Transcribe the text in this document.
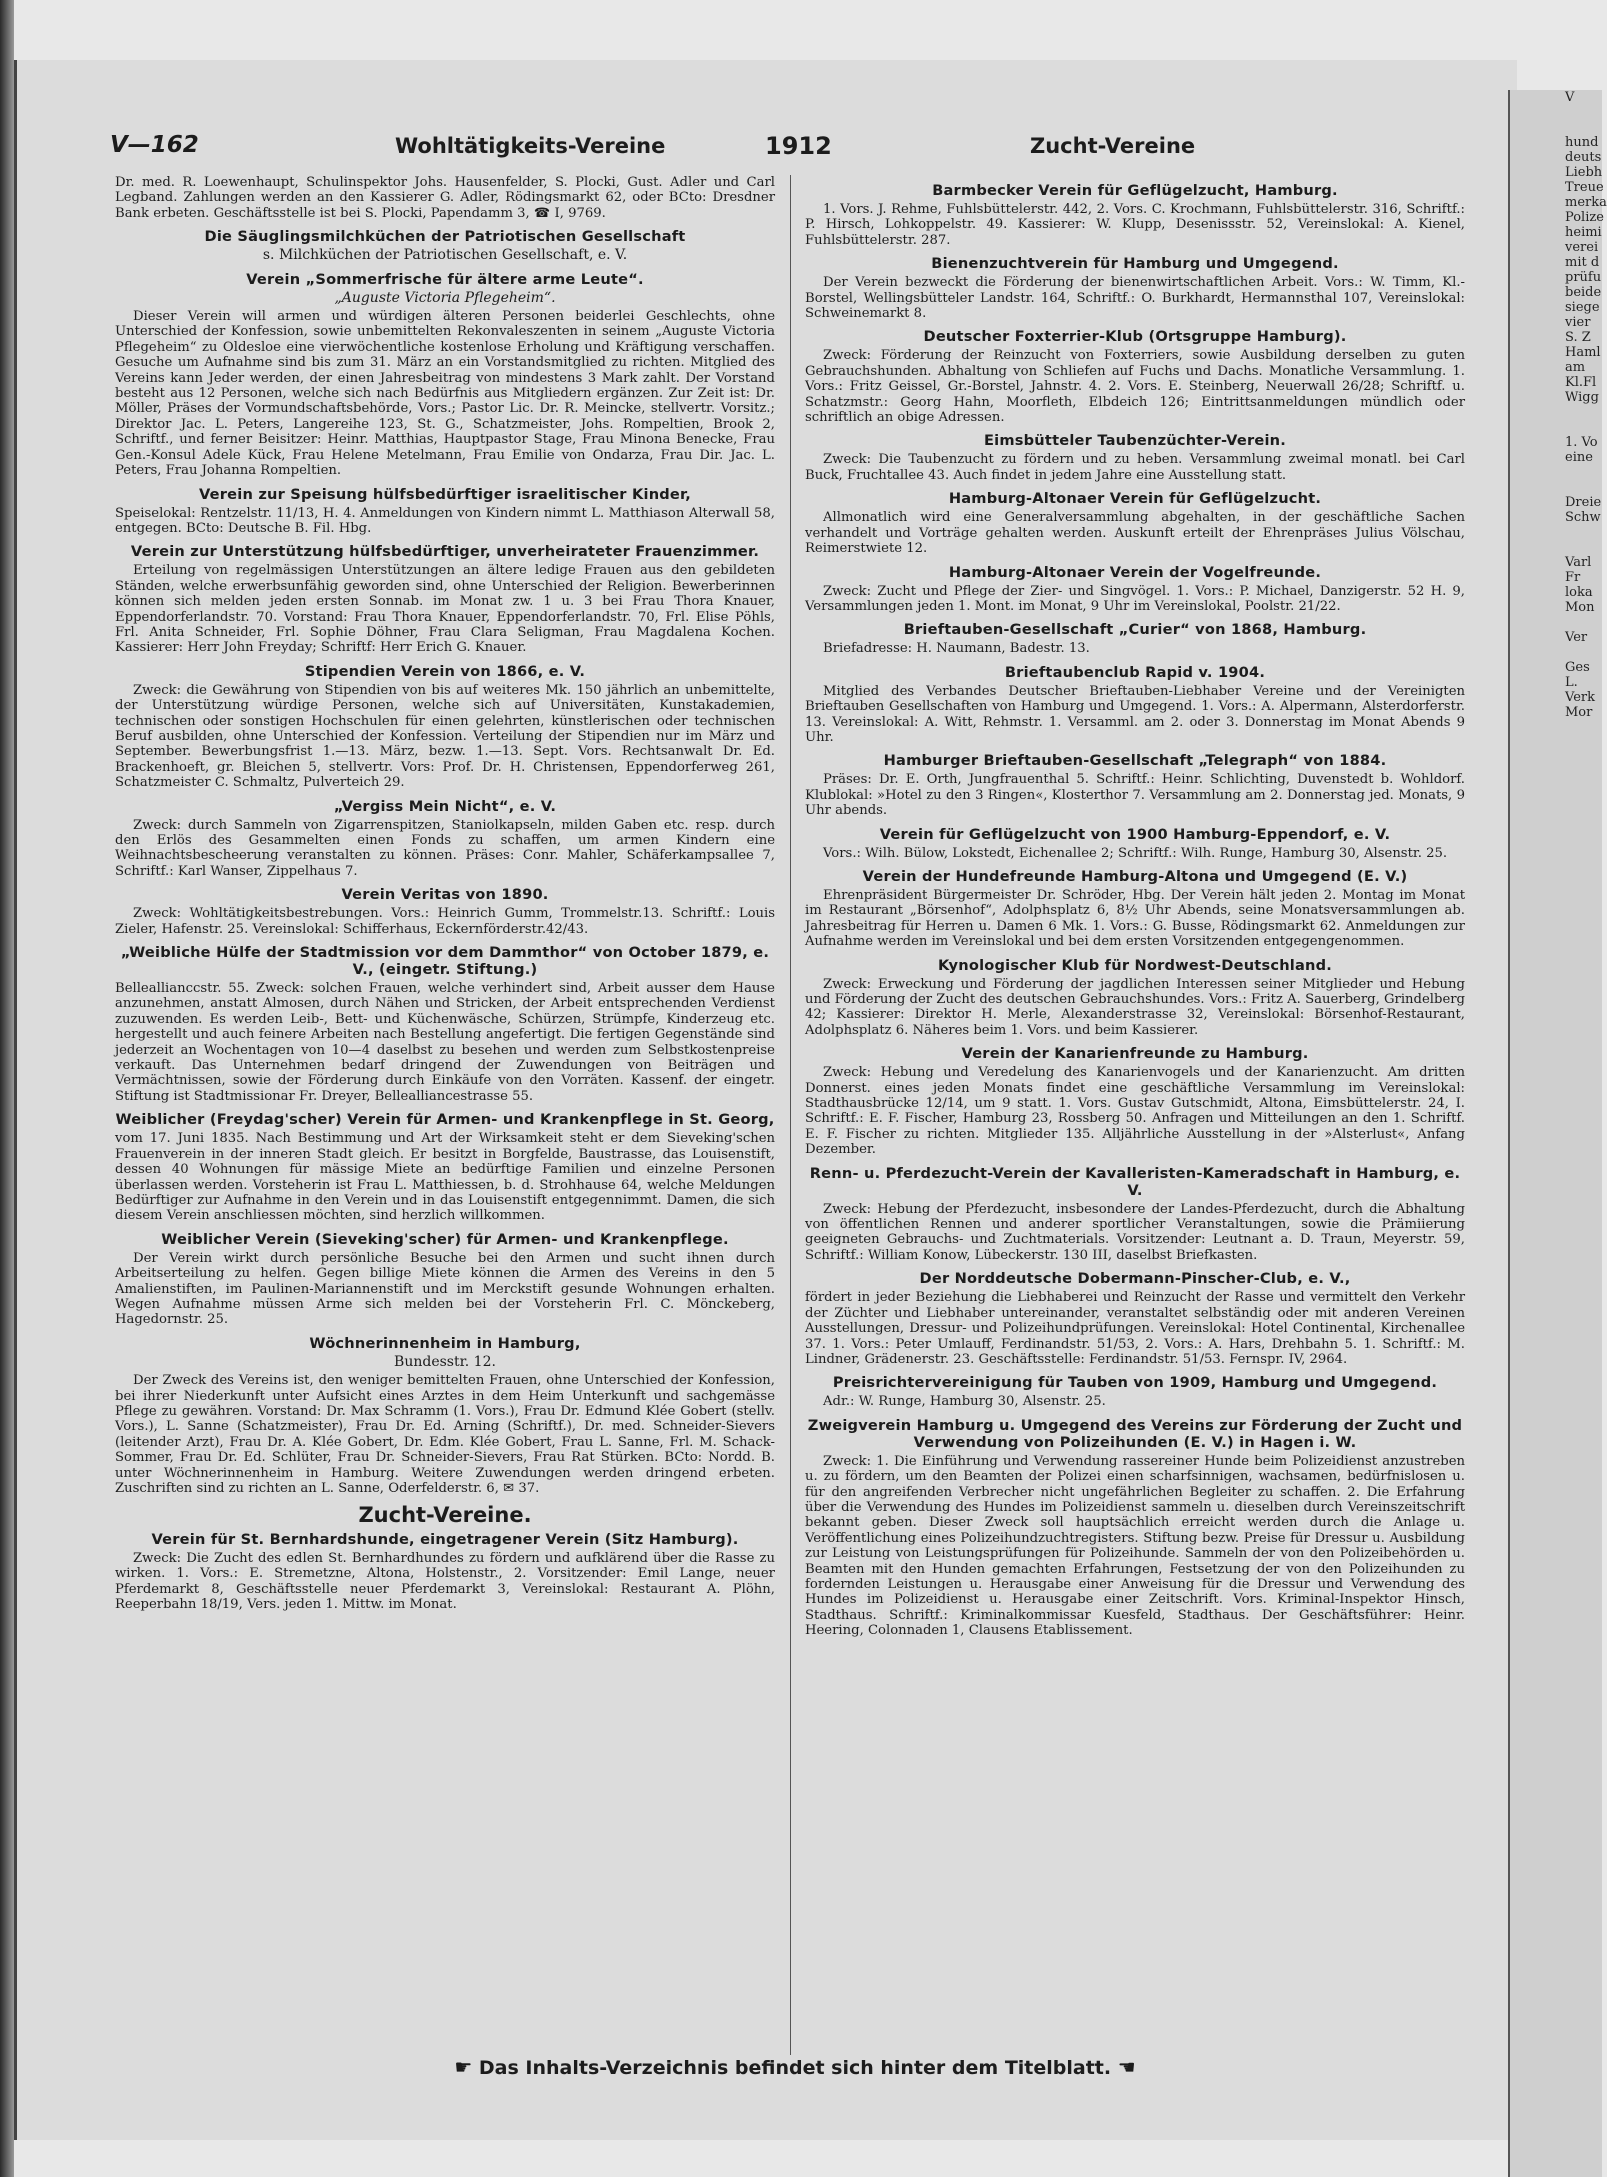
V

hund
deuts
Liebh
Treue
merka
Polize
heimi
verei
mit d
prüfu
beide
siege
vier
S. Z
Haml
am
Kl.Fl
Wigg

1. Vo
eine

Dreie
Schw

Varl
Fr
loka
Mon

Ver

Ges
L.
Verk
Mor
V—162	Wohltätigkeits-Vereine	1912	Zucht-Vereine

Dr. med. R. Loewenhaupt, Schulinspektor Johs. Hausenfelder, S. Plocki, Gust. Adler und Carl Legband. Zahlungen werden an den Kassierer G. Adler, Rödingsmarkt 62, oder BCto: Dresdner Bank erbeten. Geschäftsstelle ist bei S. Plocki, Papendamm 3, ☎ I, 9769.

Die Säuglingsmilchküchen der Patriotischen Gesellschaft

s. Milchküchen der Patriotischen Gesellschaft, e. V.

Verein „Sommerfrische für ältere arme Leute“.

„Auguste Victoria Pflegeheim“.

Dieser Verein will armen und würdigen älteren Personen beiderlei Geschlechts, ohne Unterschied der Konfession, sowie unbemittelten Rekonvaleszenten in seinem „Auguste Victoria Pflegeheim“ zu Oldesloe eine vierwöchentliche kostenlose Erholung und Kräftigung verschaffen. Gesuche um Aufnahme sind bis zum 31. März an ein Vorstandsmitglied zu richten. Mitglied des Vereins kann Jeder werden, der einen Jahresbeitrag von mindestens 3 Mark zahlt. Der Vorstand besteht aus 12 Personen, welche sich nach Bedürfnis aus Mitgliedern ergänzen. Zur Zeit ist: Dr. Möller, Präses der Vormundschaftsbehörde, Vors.; Pastor Lic. Dr. R. Meincke, stellvertr. Vorsitz.; Direktor Jac. L. Peters, Langereihe 123, St. G., Schatzmeister, Johs. Rompeltien, Brook 2, Schriftf., und ferner Beisitzer: Heinr. Matthias, Hauptpastor Stage, Frau Minona Benecke, Frau Gen.-Konsul Adele Kück, Frau Helene Metelmann, Frau Emilie von Ondarza, Frau Dir. Jac. L. Peters, Frau Johanna Rompeltien.

Verein zur Speisung hülfsbedürftiger israelitischer Kinder,

Speiselokal: Rentzelstr. 11/13, H. 4. Anmeldungen von Kindern nimmt L. Matthiason Alterwall 58, entgegen. BCto: Deutsche B. Fil. Hbg.

Verein zur Unterstützung hülfsbedürftiger, unverheirateter Frauenzimmer.

Erteilung von regelmässigen Unterstützungen an ältere ledige Frauen aus den gebildeten Ständen, welche erwerbsunfähig geworden sind, ohne Unterschied der Religion. Bewerberinnen können sich melden jeden ersten Sonnab. im Monat zw. 1 u. 3 bei Frau Thora Knauer, Eppendorferlandstr. 70. Vorstand: Frau Thora Knauer, Eppendorferlandstr. 70, Frl. Elise Pöhls, Frl. Anita Schneider, Frl. Sophie Döhner, Frau Clara Seligman, Frau Magdalena Kochen. Kassierer: Herr John Freyday; Schriftf: Herr Erich G. Knauer.

Stipendien Verein von 1866, e. V.

Zweck: die Gewährung von Stipendien von bis auf weiteres Mk. 150 jährlich an unbemittelte, der Unterstützung würdige Personen, welche sich auf Universitäten, Kunstakademien, technischen oder sonstigen Hochschulen für einen gelehrten, künstlerischen oder technischen Beruf ausbilden, ohne Unterschied der Konfession. Verteilung der Stipendien nur im März und September. Bewerbungsfrist 1.—13. März, bezw. 1.—13. Sept. Vors. Rechtsanwalt Dr. Ed. Brackenhoeft, gr. Bleichen 5, stellvertr. Vors: Prof. Dr. H. Christensen, Eppendorferweg 261, Schatzmeister C. Schmaltz, Pulverteich 29.

„Vergiss Mein Nicht“, e. V.

Zweck: durch Sammeln von Zigarrenspitzen, Staniolkapseln, milden Gaben etc. resp. durch den Erlös des Gesammelten einen Fonds zu schaffen, um armen Kindern eine Weihnachtsbescheerung veranstalten zu können. Präses: Conr. Mahler, Schäferkampsallee 7, Schriftf.: Karl Wanser, Zippelhaus 7.

Verein Veritas von 1890.

Zweck: Wohltätigkeitsbestrebungen. Vors.: Heinrich Gumm, Trommelstr.13. Schriftf.: Louis Zieler, Hafenstr. 25. Vereinslokal: Schifferhaus, Eckernförderstr.42/43.

„Weibliche Hülfe der Stadtmission vor dem Dammthor“ von October 1879, e. V., (eingetr. Stiftung.)

Belleallianccstr. 55. Zweck: solchen Frauen, welche verhindert sind, Arbeit ausser dem Hause anzunehmen, anstatt Almosen, durch Nähen und Stricken, der Arbeit entsprechenden Verdienst zuzuwenden. Es werden Leib-, Bett- und Küchenwäsche, Schürzen, Strümpfe, Kinderzeug etc. hergestellt und auch feinere Arbeiten nach Bestellung angefertigt. Die fertigen Gegenstände sind jederzeit an Wochentagen von 10—4 daselbst zu besehen und werden zum Selbstkostenpreise verkauft. Das Unternehmen bedarf dringend der Zuwendungen von Beiträgen und Vermächtnissen, sowie der Förderung durch Einkäufe von den Vorräten. Kassenf. der eingetr. Stiftung ist Stadtmissionar Fr. Dreyer, Bellealliancestrasse 55.

Weiblicher (Freydag'scher) Verein für Armen- und Krankenpflege in St. Georg,

vom 17. Juni 1835. Nach Bestimmung und Art der Wirksamkeit steht er dem Sieveking'schen Frauenverein in der inneren Stadt gleich. Er besitzt in Borgfelde, Baustrasse, das Louisenstift, dessen 40 Wohnungen für mässige Miete an bedürftige Familien und einzelne Personen überlassen werden. Vorsteherin ist Frau L. Matthiessen, b. d. Strohhause 64, welche Meldungen Bedürftiger zur Aufnahme in den Verein und in das Louisenstift entgegennimmt. Damen, die sich diesem Verein anschliessen möchten, sind herzlich willkommen.

Weiblicher Verein (Sieveking'scher) für Armen- und Krankenpflege.

Der Verein wirkt durch persönliche Besuche bei den Armen und sucht ihnen durch Arbeitserteilung zu helfen. Gegen billige Miete können die Armen des Vereins in den 5 Amalienstiften, im Paulinen-Mariannenstift und im Merckstift gesunde Wohnungen erhalten. Wegen Aufnahme müssen Arme sich melden bei der Vorsteherin Frl. C. Mönckeberg, Hagedornstr. 25.

Wöchnerinnenheim in Hamburg,

Bundesstr. 12.

Der Zweck des Vereins ist, den weniger bemittelten Frauen, ohne Unterschied der Konfession, bei ihrer Niederkunft unter Aufsicht eines Arztes in dem Heim Unterkunft und sachgemässe Pflege zu gewähren. Vorstand: Dr. Max Schramm (1. Vors.), Frau Dr. Edmund Klée Gobert (stellv. Vors.), L. Sanne (Schatzmeister), Frau Dr. Ed. Arning (Schriftf.), Dr. med. Schneider-Sievers (leitender Arzt), Frau Dr. A. Klée Gobert, Dr. Edm. Klée Gobert, Frau L. Sanne, Frl. M. Schack-Sommer, Frau Dr. Ed. Schlüter, Frau Dr. Schneider-Sievers, Frau Rat Stürken. BCto: Nordd. B. unter Wöchnerinnenheim in Hamburg. Weitere Zuwendungen werden dringend erbeten. Zuschriften sind zu richten an L. Sanne, Oderfelderstr. 6, ✉ 37.

Zucht-Vereine.
Verein für St. Bernhardshunde, eingetragener Verein (Sitz Hamburg).

Zweck: Die Zucht des edlen St. Bernhardhundes zu fördern und aufklärend über die Rasse zu wirken. 1. Vors.: E. Stremetzne, Altona, Holstenstr., 2. Vorsitzender: Emil Lange, neuer Pferdemarkt 8, Geschäftsstelle neuer Pferdemarkt 3, Vereinslokal: Restaurant A. Plöhn, Reeperbahn 18/19, Vers. jeden 1. Mittw. im Monat.

Barmbecker Verein für Geflügelzucht, Hamburg.

1. Vors. J. Rehme, Fuhlsbüttelerstr. 442, 2. Vors. C. Krochmann, Fuhlsbüttelerstr. 316, Schriftf.: P. Hirsch, Lohkoppelstr. 49. Kassierer: W. Klupp, Desenissstr. 52, Vereinslokal: A. Kienel, Fuhlsbüttelerstr. 287.

Bienenzuchtverein für Hamburg und Umgegend.

Der Verein bezweckt die Förderung der bienenwirtschaftlichen Arbeit. Vors.: W. Timm, Kl.-Borstel, Wellingsbütteler Landstr. 164, Schriftf.: O. Burkhardt, Hermannsthal 107, Vereinslokal: Schweinemarkt 8.

Deutscher Foxterrier-Klub (Ortsgruppe Hamburg).

Zweck: Förderung der Reinzucht von Foxterriers, sowie Ausbildung derselben zu guten Gebrauchshunden. Abhaltung von Schliefen auf Fuchs und Dachs. Monatliche Versammlung. 1. Vors.: Fritz Geissel, Gr.-Borstel, Jahnstr. 4. 2. Vors. E. Steinberg, Neuerwall 26/28; Schriftf. u. Schatzmstr.: Georg Hahn, Moorfleth, Elbdeich 126; Eintrittsanmeldungen mündlich oder schriftlich an obige Adressen.

Eimsbütteler Taubenzüchter-Verein.

Zweck: Die Taubenzucht zu fördern und zu heben. Versammlung zweimal monatl. bei Carl Buck, Fruchtallee 43. Auch findet in jedem Jahre eine Ausstellung statt.

Hamburg-Altonaer Verein für Geflügelzucht.

Allmonatlich wird eine Generalversammlung abgehalten, in der geschäftliche Sachen verhandelt und Vorträge gehalten werden. Auskunft erteilt der Ehrenpräses Julius Völschau, Reimerstwiete 12.

Hamburg-Altonaer Verein der Vogelfreunde.

Zweck: Zucht und Pflege der Zier- und Singvögel. 1. Vors.: P. Michael, Danzigerstr. 52 H. 9, Versammlungen jeden 1. Mont. im Monat, 9 Uhr im Vereinslokal, Poolstr. 21/22.

Brieftauben-Gesellschaft „Curier“ von 1868, Hamburg.

Briefadresse: H. Naumann, Badestr. 13.

Brieftaubenclub Rapid v. 1904.

Mitglied des Verbandes Deutscher Brieftauben-Liebhaber Vereine und der Vereinigten Brieftauben Gesellschaften von Hamburg und Umgegend. 1. Vors.: A. Alpermann, Alsterdorferstr. 13. Vereinslokal: A. Witt, Rehmstr. 1. Versamml. am 2. oder 3. Donnerstag im Monat Abends 9 Uhr.

Hamburger Brieftauben-Gesellschaft „Telegraph“ von 1884.

Präses: Dr. E. Orth, Jungfrauenthal 5. Schriftf.: Heinr. Schlichting, Duvenstedt b. Wohldorf. Klublokal: »Hotel zu den 3 Ringen«, Klosterthor 7. Versammlung am 2. Donnerstag jed. Monats, 9 Uhr abends.

Verein für Geflügelzucht von 1900 Hamburg-Eppendorf, e. V.

Vors.: Wilh. Bülow, Lokstedt, Eichenallee 2; Schriftf.: Wilh. Runge, Hamburg 30, Alsenstr. 25.

Verein der Hundefreunde Hamburg-Altona und Umgegend (E. V.)

Ehrenpräsident Bürgermeister Dr. Schröder, Hbg. Der Verein hält jeden 2. Montag im Monat im Restaurant „Börsenhof“, Adolphsplatz 6, 8½ Uhr Abends, seine Monatsversammlungen ab. Jahresbeitrag für Herren u. Damen 6 Mk. 1. Vors.: G. Busse, Rödingsmarkt 62. Anmeldungen zur Aufnahme werden im Vereinslokal und bei dem ersten Vorsitzenden entgegengenommen.

Kynologischer Klub für Nordwest-Deutschland.

Zweck: Erweckung und Förderung der jagdlichen Interessen seiner Mitglieder und Hebung und Förderung der Zucht des deutschen Gebrauchshundes. Vors.: Fritz A. Sauerberg, Grindelberg 42; Kassierer: Direktor H. Merle, Alexanderstrasse 32, Vereinslokal: Börsenhof-Restaurant, Adolphsplatz 6. Näheres beim 1. Vors. und beim Kassierer.

Verein der Kanarienfreunde zu Hamburg.

Zweck: Hebung und Veredelung des Kanarienvogels und der Kanarienzucht. Am dritten Donnerst. eines jeden Monats findet eine geschäftliche Versammlung im Vereinslokal: Stadthausbrücke 12/14, um 9 statt. 1. Vors. Gustav Gutschmidt, Altona, Eimsbüttelerstr. 24, I. Schriftf.: E. F. Fischer, Hamburg 23, Rossberg 50. Anfragen und Mitteilungen an den 1. Schriftf. E. F. Fischer zu richten. Mitglieder 135. Alljährliche Ausstellung in der »Alsterlust«, Anfang Dezember.

Renn- u. Pferdezucht-Verein der Kavalleristen-Kameradschaft in Hamburg, e. V.

Zweck: Hebung der Pferdezucht, insbesondere der Landes-Pferdezucht, durch die Abhaltung von öffentlichen Rennen und anderer sportlicher Veranstaltungen, sowie die Prämiierung geeigneten Gebrauchs- und Zuchtmaterials. Vorsitzender: Leutnant a. D. Traun, Meyerstr. 59, Schriftf.: William Konow, Lübeckerstr. 130 III, daselbst Briefkasten.

Der Norddeutsche Dobermann-Pinscher-Club, e. V.,

fördert in jeder Beziehung die Liebhaberei und Reinzucht der Rasse und vermittelt den Verkehr der Züchter und Liebhaber untereinander, veranstaltet selbständig oder mit anderen Vereinen Ausstellungen, Dressur- und Polizeihundprüfungen. Vereinslokal: Hotel Continental, Kirchenallee 37. 1. Vors.: Peter Umlauff, Ferdinandstr. 51/53, 2. Vors.: A. Hars, Drehbahn 5. 1. Schriftf.: M. Lindner, Grädenerstr. 23. Geschäftsstelle: Ferdinandstr. 51/53. Fernspr. IV, 2964.

Preisrichtervereinigung für Tauben von 1909, Hamburg und Umgegend.

Adr.: W. Runge, Hamburg 30, Alsenstr. 25.

Zweigverein Hamburg u. Umgegend des Vereins zur Förderung der Zucht und Verwendung von Polizeihunden (E. V.) in Hagen i. W.

Zweck: 1. Die Einführung und Verwendung rassereiner Hunde beim Polizeidienst anzustreben u. zu fördern, um den Beamten der Polizei einen scharfsinnigen, wachsamen, bedürfnislosen u. für den angreifenden Verbrecher nicht ungefährlichen Begleiter zu schaffen. 2. Die Erfahrung über die Verwendung des Hundes im Polizeidienst sammeln u. dieselben durch Vereinszeitschrift bekannt geben. Dieser Zweck soll hauptsächlich erreicht werden durch die Anlage u. Veröffentlichung eines Polizeihundzuchtregisters. Stiftung bezw. Preise für Dressur u. Ausbildung zur Leistung von Leistungsprüfungen für Polizeihunde. Sammeln der von den Polizeibehörden u. Beamten mit den Hunden gemachten Erfahrungen, Festsetzung der von den Polizeihunden zu fordernden Leistungen u. Herausgabe einer Anweisung für die Dressur und Verwendung des Hundes im Polizeidienst u. Herausgabe einer Zeitschrift. Vors. Kriminal-Inspektor Hinsch, Stadthaus. Schriftf.: Kriminalkommissar Kuesfeld, Stadthaus. Der Geschäftsführer: Heinr. Heering, Colonnaden 1, Clausens Etablissement.

☛ Das Inhalts-Verzeichnis befindet sich hinter dem Titelblatt. ☚
